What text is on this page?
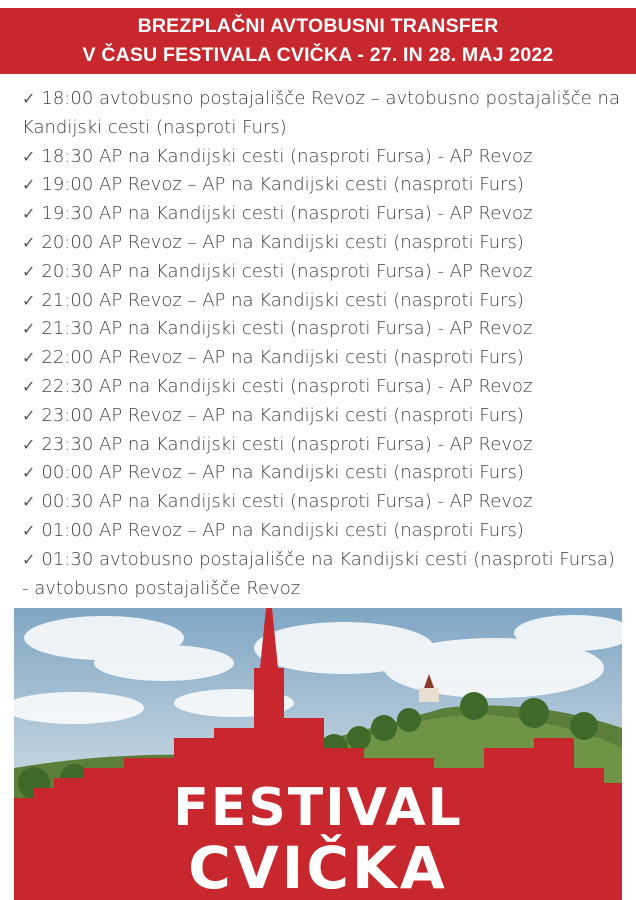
BREZPLAČNI AVTOBUSNI TRANSFER
V ČASU FESTIVALA CVIČKA - 27. IN 28. MAJ 2022
✓ 18:00 avtobusno postajališče Revoz – avtobusno postajališče na Kandijski cesti (nasproti Furs)
✓ 18:30 AP na Kandijski cesti (nasproti Fursa) - AP Revoz
✓ 19:00 AP Revoz – AP na Kandijski cesti (nasproti Furs)
✓ 19:30 AP na Kandijski cesti (nasproti Fursa) - AP Revoz
✓ 20:00 AP Revoz – AP na Kandijski cesti (nasproti Furs)
✓ 20:30 AP na Kandijski cesti (nasproti Fursa) - AP Revoz
✓ 21:00 AP Revoz – AP na Kandijski cesti (nasproti Furs)
✓ 21:30 AP na Kandijski cesti (nasproti Fursa) - AP Revoz
✓ 22:00 AP Revoz – AP na Kandijski cesti (nasproti Furs)
✓ 22:30 AP na Kandijski cesti (nasproti Fursa) - AP Revoz
✓ 23:00 AP Revoz – AP na Kandijski cesti (nasproti Furs)
✓ 23:30 AP na Kandijski cesti (nasproti Fursa) - AP Revoz
✓ 00:00 AP Revoz – AP na Kandijski cesti (nasproti Furs)
✓ 00:30 AP na Kandijski cesti (nasproti Fursa) - AP Revoz
✓ 01:00 AP Revoz – AP na Kandijski cesti (nasproti Furs)
✓ 01:30 avtobusno postajališče na Kandijski cesti (nasproti Fursa) - avtobusno postajališče Revoz
FESTIVAL
CVIČKA
